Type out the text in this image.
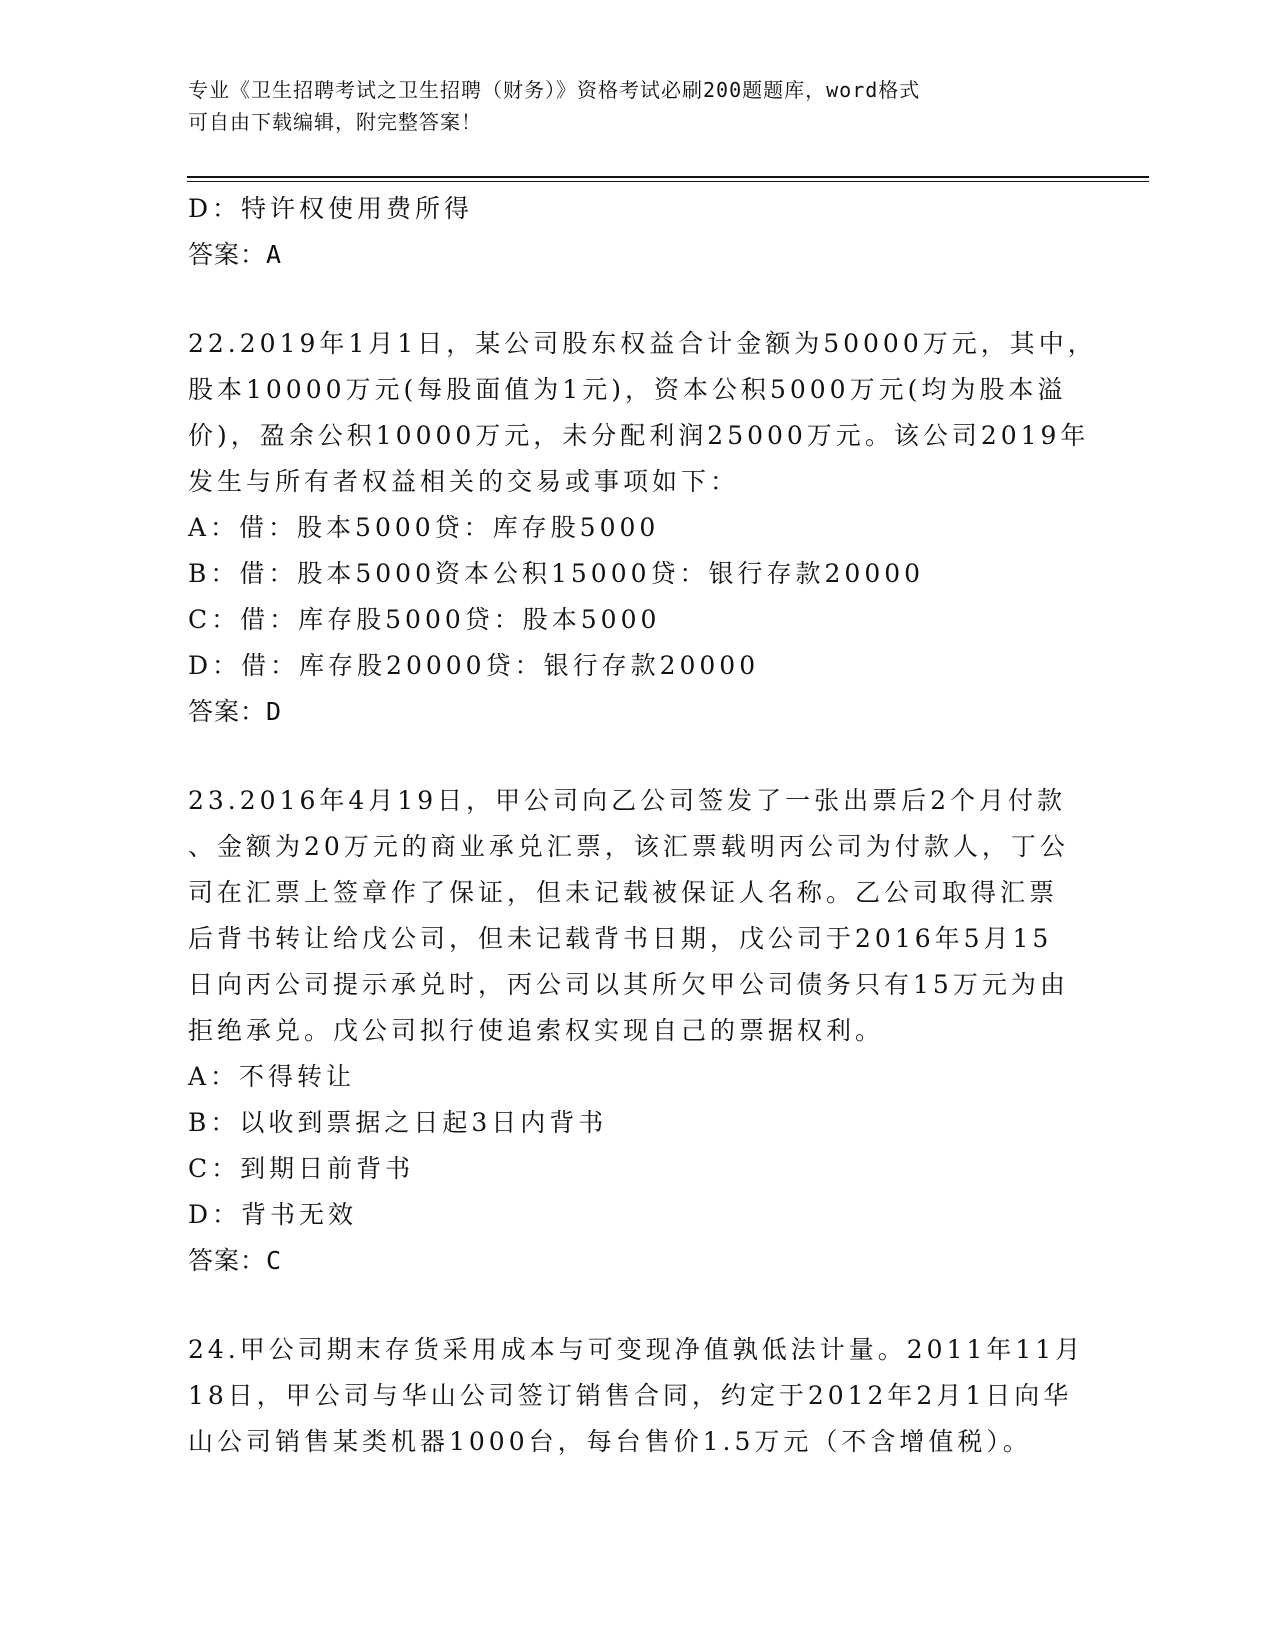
专业《卫生招聘考试之卫生招聘（财务）》资格考试必刷200题题库，word格式
可自由下载编辑，附完整答案！
D：特许权使用费所得
答案：A
22.2019年1月1日，某公司股东权益合计金额为50000万元，其中，
股本10000万元(每股面值为1元)，资本公积5000万元(均为股本溢
价)，盈余公积10000万元，未分配利润25000万元。该公司2019年
发生与所有者权益相关的交易或事项如下：
A：借：股本5000贷：库存股5000
B：借：股本5000资本公积15000贷：银行存款20000
C：借：库存股5000贷：股本5000
D：借：库存股20000贷：银行存款20000
答案：D
23.2016年4月19日，甲公司向乙公司签发了一张出票后2个月付款
、金额为20万元的商业承兑汇票，该汇票载明丙公司为付款人，丁公
司在汇票上签章作了保证，但未记载被保证人名称。乙公司取得汇票
后背书转让给戊公司，但未记载背书日期，戊公司于2016年5月15
日向丙公司提示承兑时，丙公司以其所欠甲公司债务只有15万元为由
拒绝承兑。戊公司拟行使追索权实现自己的票据权利。
A：不得转让
B：以收到票据之日起3日内背书
C：到期日前背书
D：背书无效
答案：C
24.甲公司期末存货采用成本与可变现净值孰低法计量。2011年11月
18日，甲公司与华山公司签订销售合同，约定于2012年2月1日向华
山公司销售某类机器1000台，每台售价1.5万元（不含增值税）。
